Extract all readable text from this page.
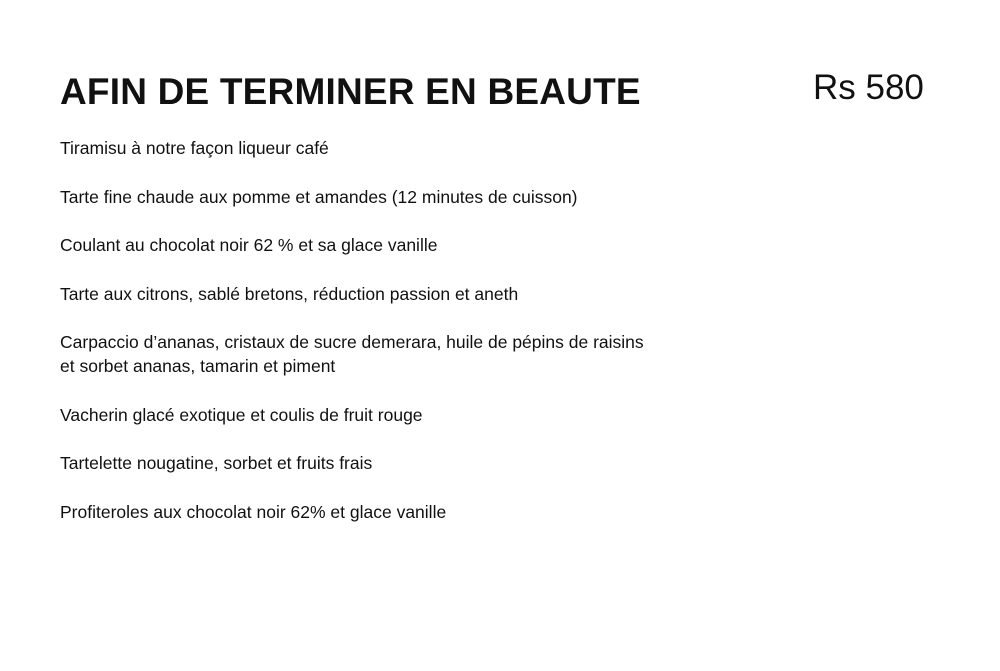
AFIN DE TERMINER EN BEAUTE	Rs 580
Tiramisu à notre façon liqueur café
Tarte fine chaude aux pomme et amandes (12 minutes de cuisson)
Coulant au chocolat noir 62 % et sa glace vanille
Tarte aux citrons, sablé bretons, réduction passion et aneth
Carpaccio d’ananas, cristaux de sucre demerara, huile de pépins de raisins
et sorbet ananas, tamarin et piment
Vacherin glacé exotique et coulis de fruit rouge
Tartelette nougatine, sorbet et fruits frais
Profiteroles aux chocolat noir 62% et glace vanille
